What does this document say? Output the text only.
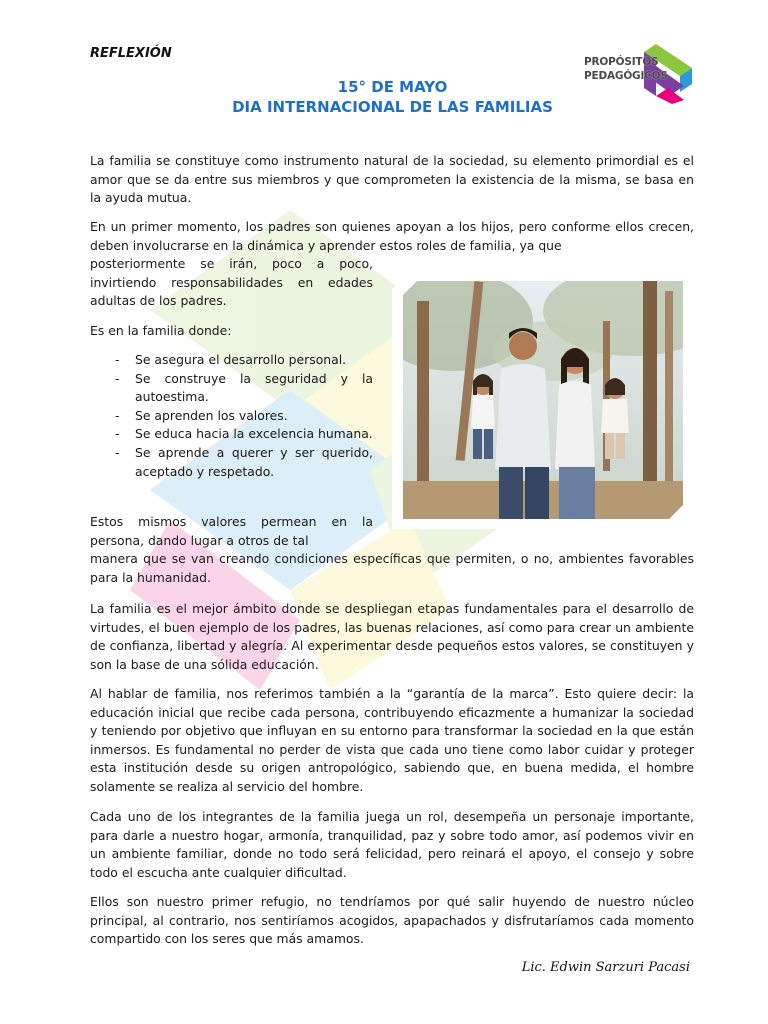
REFLEXIÓN
PROPÓSITOS
PEDAGÓGICOS
15° DE MAYO
DIA INTERNACIONAL DE LAS FAMILIAS
La familia se constituye como instrumento natural de la sociedad, su elemento primordial es el amor que se da entre sus miembros y que comprometen la existencia de la misma, se basa en la ayuda mutua.
En un primer momento, los padres son quienes apoyan a los hijos, pero conforme ellos crecen, deben involucrarse en la dinámica y aprender estos roles de familia, ya que
posteriormente se irán, poco a poco, invirtiendo responsabilidades en edades adultas de los padres.
Es en la familia donde:
-	Se asegura el desarrollo personal.
-	Se construye la seguridad y la autoestima.
-	Se aprenden los valores.
-	Se educa hacia la excelencia humana.
-	Se aprende a querer y ser querido, aceptado y respetado.
Estos mismos valores permean en la persona, dando lugar a otros de tal
manera que se van creando condiciones específicas que permiten, o no, ambientes favorables para la humanidad.
La familia es el mejor ámbito donde se despliegan etapas fundamentales para el desarrollo de virtudes, el buen ejemplo de los padres, las buenas relaciones, así como para crear un ambiente de confianza, libertad y alegría. Al experimentar desde pequeños estos valores, se constituyen y son la base de una sólida educación.
Al hablar de familia, nos referimos también a la “garantía de la marca”. Esto quiere decir: la educación inicial que recibe cada persona, contribuyendo eficazmente a humanizar la sociedad y teniendo por objetivo que influyan en su entorno para transformar la sociedad en la que están inmersos. Es fundamental no perder de vista que cada uno tiene como labor cuidar y proteger esta institución desde su origen antropológico, sabiendo que, en buena medida, el hombre solamente se realiza al servicio del hombre.
Cada uno de los integrantes de la familia juega un rol, desempeña un personaje importante, para darle a nuestro hogar, armonía, tranquilidad, paz y sobre todo amor, así podemos vivir en un ambiente familiar, donde no todo será felicidad, pero reinará el apoyo, el consejo y sobre todo el escucha ante cualquier dificultad.
Ellos son nuestro primer refugio, no tendríamos por qué salir huyendo de nuestro núcleo principal, al contrario, nos sentiríamos acogidos, apapachados y disfrutaríamos cada momento compartido con los seres que más amamos.
Lic. Edwin Sarzuri Pacasi
